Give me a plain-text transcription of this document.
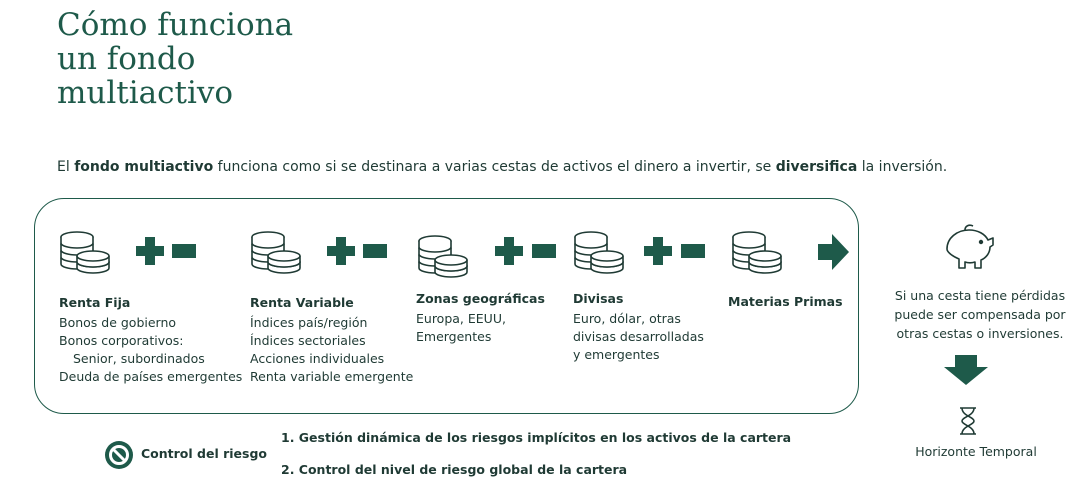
Cómo funciona
un fondo
multiactivo
El fondo multiactivo funciona como si se destinara a varias cestas de activos el dinero a invertir, se diversifica la inversión.
Renta Fija
Bonos de gobierno
Bonos corporativos:
Senior, subordinados
Deuda de países emergentes
Renta Variable
Índices país/región
Índices sectoriales
Acciones individuales
Renta variable emergente
Zonas geográficas
Europa, EEUU,
Emergentes
Divisas
Euro, dólar, otras
divisas desarrolladas
y emergentes
Materias Primas	Si una cesta tiene pérdidas
puede ser compensada por
otras cestas o inversiones.
Horizonte Temporal
Control del riesgo
1. Gestión dinámica de los riesgos implícitos en los activos de la cartera
2. Control del nivel de riesgo global de la cartera
